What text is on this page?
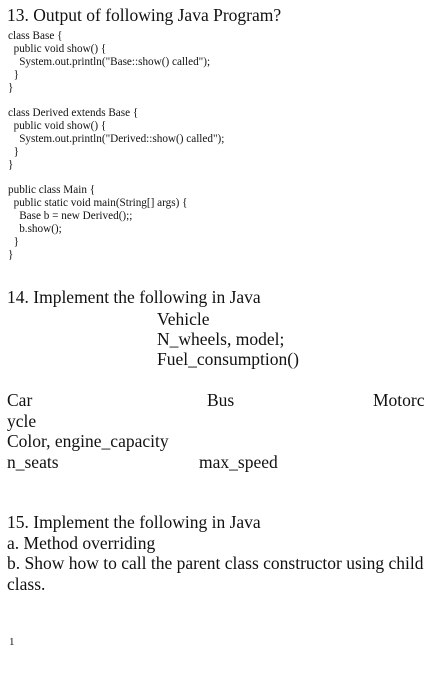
13. Output of following Java Program?
class Base {
public void show() {
System.out.println("Base::show() called");
}
}
class Derived extends Base {
public void show() {
System.out.println("Derived::show() called");
}
}
public class Main {
public static void main(String[] args) {
Base b = new Derived();;
b.show();
}
}
14. Implement the following in Java
Vehicle
N_wheels, model;
Fuel_consumption()
Car	Bus	Motorc
ycle
Color, engine_capacity
n_seats	max_speed
15. Implement the following in Java
a. Method overriding
b. Show how to call the parent class constructor using child
class.
1
